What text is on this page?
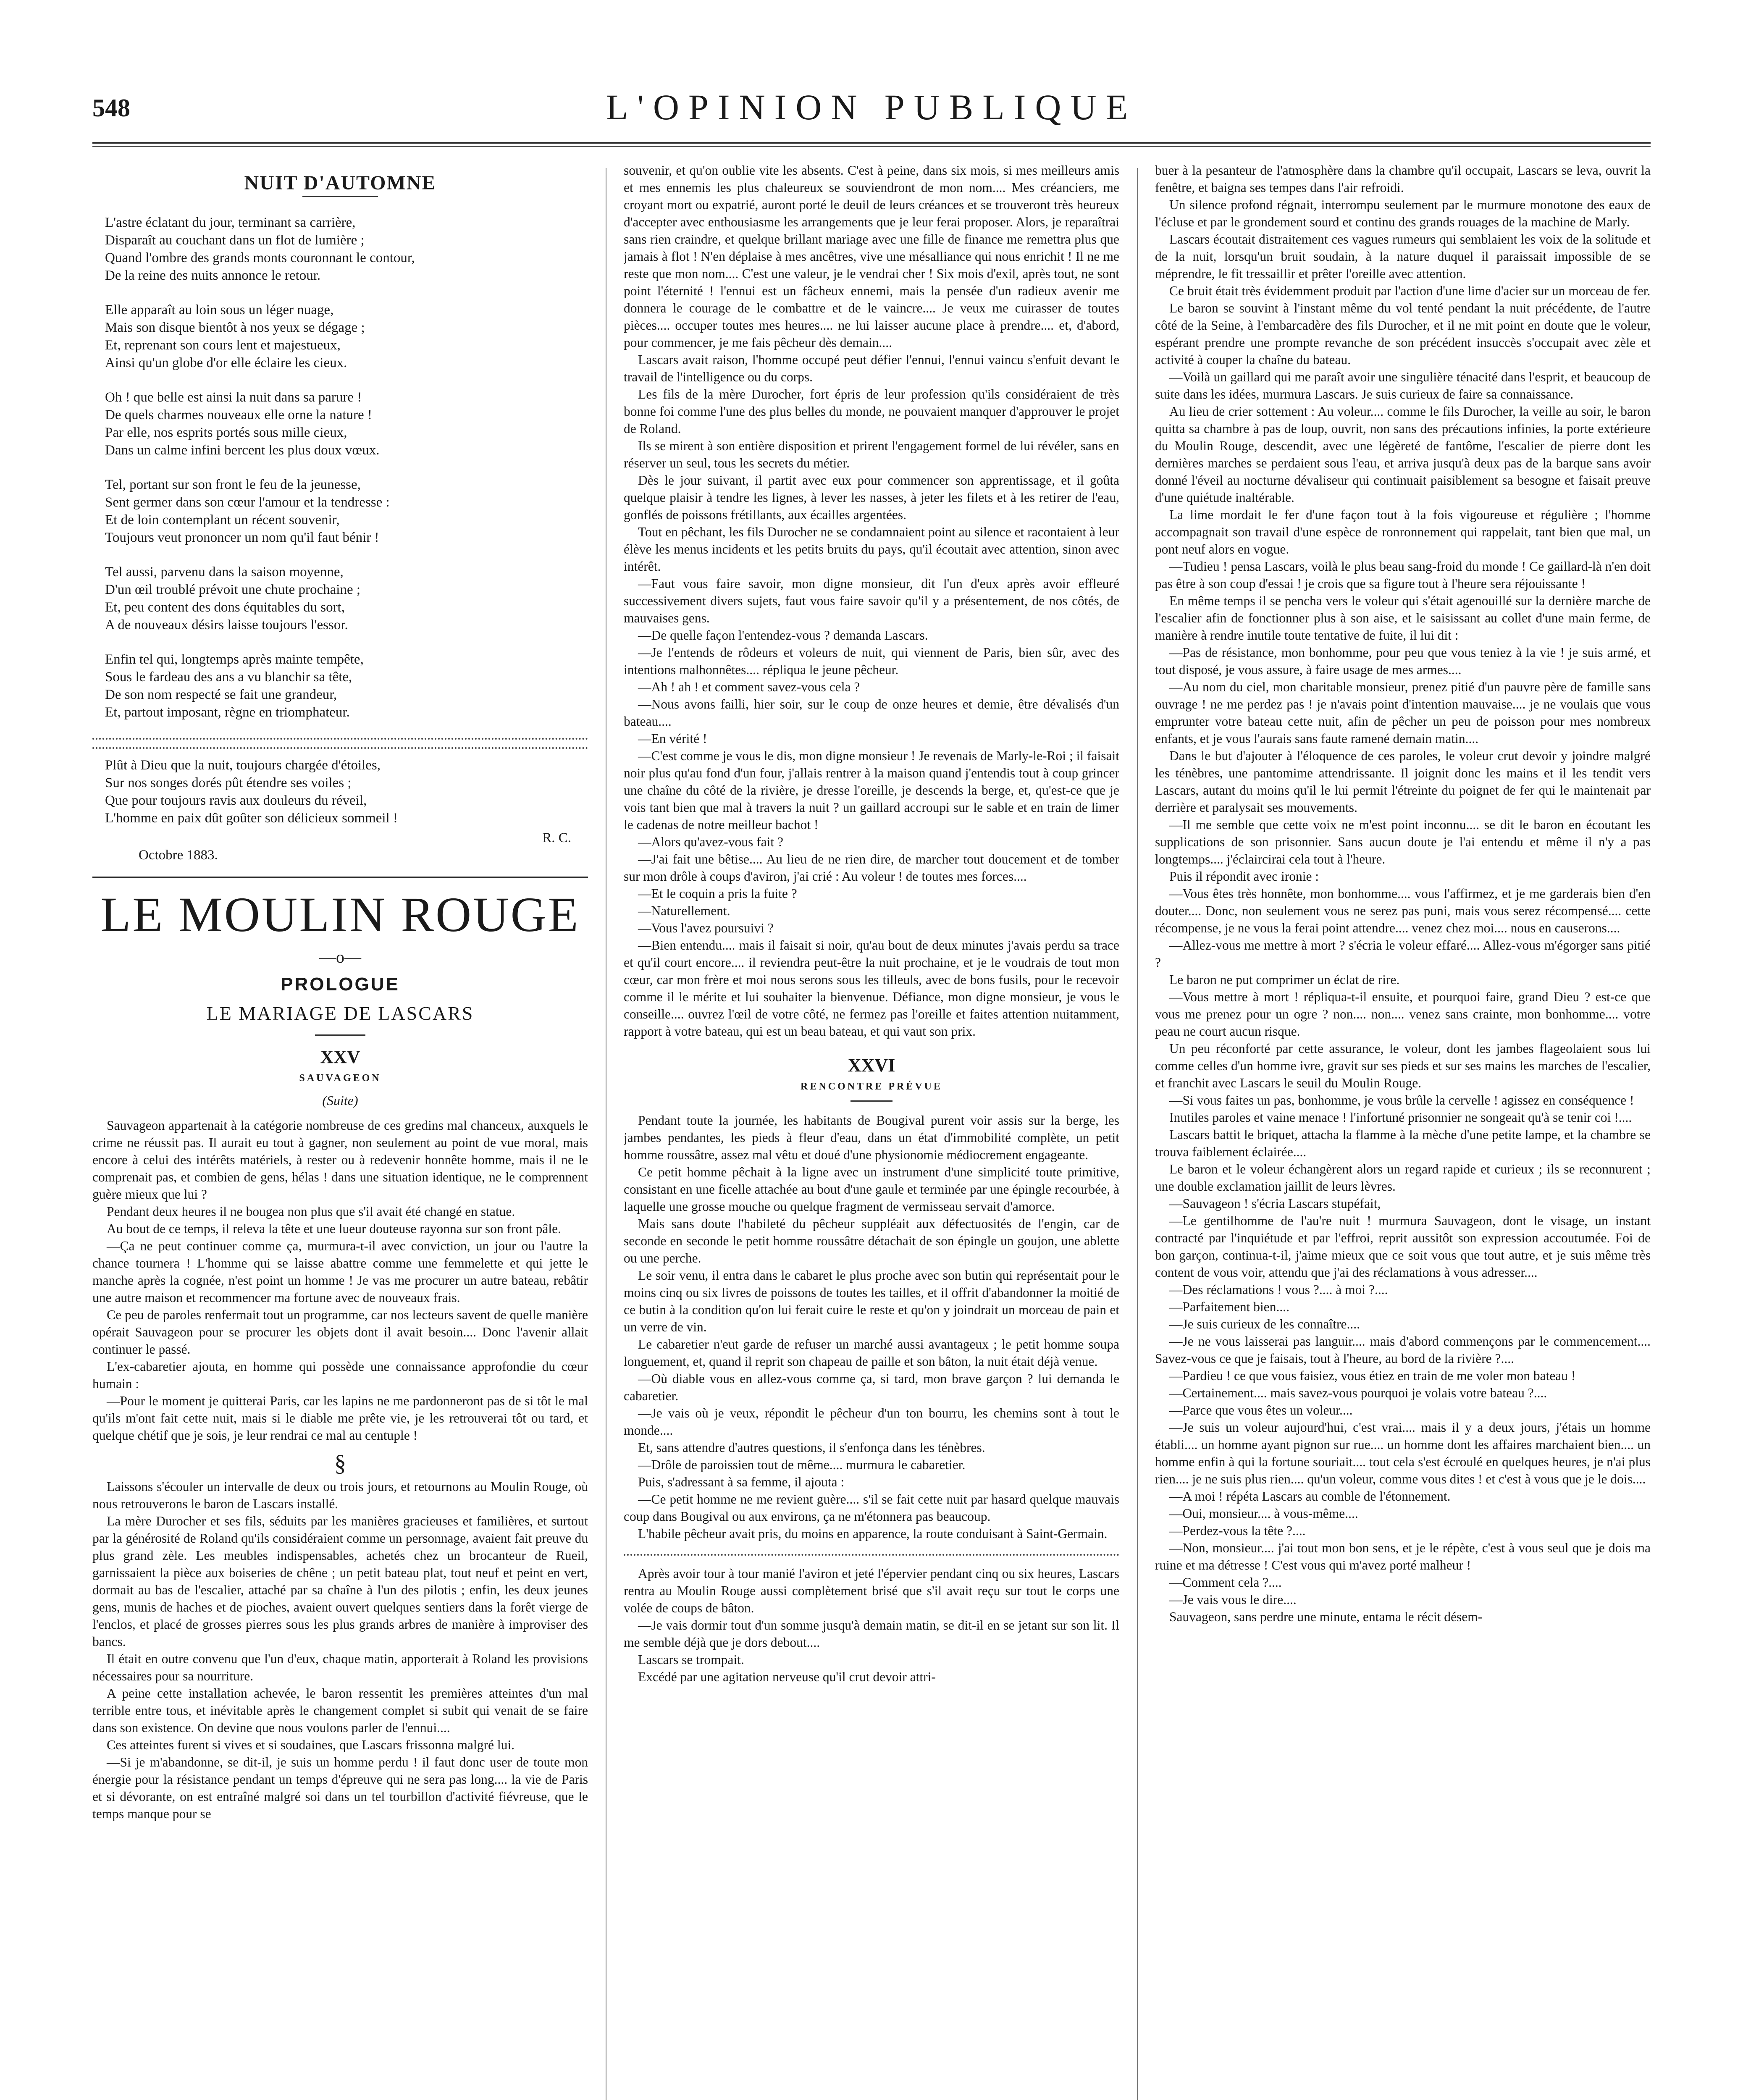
548	L'OPINION PUBLIQUE
NUIT D'AUTOMNE
L'astre éclatant du jour, terminant sa carrière,
Disparaît au couchant dans un flot de lumière ;
Quand l'ombre des grands monts couronnant le contour,
De la reine des nuits annonce le retour.
Elle apparaît au loin sous un léger nuage,
Mais son disque bientôt à nos yeux se dégage ;
Et, reprenant son cours lent et majestueux,
Ainsi qu'un globe d'or elle éclaire les cieux.
Oh ! que belle est ainsi la nuit dans sa parure !
De quels charmes nouveaux elle orne la nature !
Par elle, nos esprits portés sous mille cieux,
Dans un calme infini bercent les plus doux vœux.
Tel, portant sur son front le feu de la jeunesse,
Sent germer dans son cœur l'amour et la tendresse :
Et de loin contemplant un récent souvenir,
Toujours veut prononcer un nom qu'il faut bénir !
Tel aussi, parvenu dans la saison moyenne,
D'un œil troublé prévoit une chute prochaine ;
Et, peu content des dons équitables du sort,
A de nouveaux désirs laisse toujours l'essor.
Enfin tel qui, longtemps après mainte tempête,
Sous le fardeau des ans a vu blanchir sa tête,
De son nom respecté se fait une grandeur,
Et, partout imposant, règne en triomphateur.
Plût à Dieu que la nuit, toujours chargée d'étoiles,
Sur nos songes dorés pût étendre ses voiles ;
Que pour toujours ravis aux douleurs du réveil,
L'homme en paix dût goûter son délicieux sommeil !
R. C.
Octobre 1883.
LE MOULIN ROUGE
—o—
PROLOGUE
LE MARIAGE DE LASCARS
XXV
SAUVAGEON
(Suite)

Sauvageon appartenait à la catégorie nombreuse de ces gredins mal chanceux, auxquels le crime ne réussit pas. Il aurait eu tout à gagner, non seulement au point de vue moral, mais encore à celui des intérêts matériels, à rester ou à redevenir honnête homme, mais il ne le comprenait pas, et combien de gens, hélas ! dans une situation identique, ne le comprennent guère mieux que lui ?

Pendant deux heures il ne bougea non plus que s'il avait été changé en statue.

Au bout de ce temps, il releva la tête et une lueur douteuse rayonna sur son front pâle.

—Ça ne peut continuer comme ça, murmura-t-il avec conviction, un jour ou l'autre la chance tournera ! L'homme qui se laisse abattre comme une femmelette et qui jette le manche après la cognée, n'est point un homme ! Je vas me procurer un autre bateau, rebâtir une autre maison et recommencer ma fortune avec de nouveaux frais.

Ce peu de paroles renfermait tout un programme, car nos lecteurs savent de quelle manière opérait Sauvageon pour se procurer les objets dont il avait besoin.... Donc l'avenir allait continuer le passé.

L'ex-cabaretier ajouta, en homme qui possède une connaissance approfondie du cœur humain :

—Pour le moment je quitterai Paris, car les lapins ne me pardonneront pas de si tôt le mal qu'ils m'ont fait cette nuit, mais si le diable me prête vie, je les retrouverai tôt ou tard, et quelque chétif que je sois, je leur rendrai ce mal au centuple !

§

Laissons s'écouler un intervalle de deux ou trois jours, et retournons au Moulin Rouge, où nous retrouverons le baron de Lascars installé.

La mère Durocher et ses fils, séduits par les manières gracieuses et familières, et surtout par la générosité de Roland qu'ils considéraient comme un personnage, avaient fait preuve du plus grand zèle. Les meubles indispensables, achetés chez un brocanteur de Rueil, garnissaient la pièce aux boiseries de chêne ; un petit bateau plat, tout neuf et peint en vert, dormait au bas de l'escalier, attaché par sa chaîne à l'un des pilotis ; enfin, les deux jeunes gens, munis de haches et de pioches, avaient ouvert quelques sentiers dans la forêt vierge de l'enclos, et placé de grosses pierres sous les plus grands arbres de manière à improviser des bancs.

Il était en outre convenu que l'un d'eux, chaque matin, apporterait à Roland les provisions nécessaires pour sa nourriture.

A peine cette installation achevée, le baron ressentit les premières atteintes d'un mal terrible entre tous, et inévitable après le changement complet si subit qui venait de se faire dans son existence. On devine que nous voulons parler de l'ennui....

Ces atteintes furent si vives et si soudaines, que Lascars frissonna malgré lui.

—Si je m'abandonne, se dit-il, je suis un homme perdu ! il faut donc user de toute mon énergie pour la résistance pendant un temps d'épreuve qui ne sera pas long.... la vie de Paris et si dévorante, on est entraîné malgré soi dans un tel tourbillon d'activité fiévreuse, que le temps manque pour se

souvenir, et qu'on oublie vite les absents. C'est à peine, dans six mois, si mes meilleurs amis et mes ennemis les plus chaleureux se souviendront de mon nom.... Mes créanciers, me croyant mort ou expatrié, auront porté le deuil de leurs créances et se trouveront très heureux d'accepter avec enthousiasme les arrangements que je leur ferai proposer. Alors, je reparaîtrai sans rien craindre, et quelque brillant mariage avec une fille de finance me remettra plus que jamais à flot ! N'en déplaise à mes ancêtres, vive une mésalliance qui nous enrichit ! Il ne me reste que mon nom.... C'est une valeur, je le vendrai cher ! Six mois d'exil, après tout, ne sont point l'éternité ! l'ennui est un fâcheux ennemi, mais la pensée d'un radieux avenir me donnera le courage de le combattre et de le vaincre.... Je veux me cuirasser de toutes pièces.... occuper toutes mes heures.... ne lui laisser aucune place à prendre.... et, d'abord, pour commencer, je me fais pêcheur dès demain....

Lascars avait raison, l'homme occupé peut défier l'ennui, l'ennui vaincu s'enfuit devant le travail de l'intelligence ou du corps.

Les fils de la mère Durocher, fort épris de leur profession qu'ils considéraient de très bonne foi comme l'une des plus belles du monde, ne pouvaient manquer d'approuver le projet de Roland.

Ils se mirent à son entière disposition et prirent l'engagement formel de lui révéler, sans en réserver un seul, tous les secrets du métier.

Dès le jour suivant, il partit avec eux pour commencer son apprentissage, et il goûta quelque plaisir à tendre les lignes, à lever les nasses, à jeter les filets et à les retirer de l'eau, gonflés de poissons frétillants, aux écailles argentées.

Tout en pêchant, les fils Durocher ne se condamnaient point au silence et racontaient à leur élève les menus incidents et les petits bruits du pays, qu'il écoutait avec attention, sinon avec intérêt.

—Faut vous faire savoir, mon digne monsieur, dit l'un d'eux après avoir effleuré successivement divers sujets, faut vous faire savoir qu'il y a présentement, de nos côtés, de mauvaises gens.

—De quelle façon l'entendez-vous ? demanda Lascars.

—Je l'entends de rôdeurs et voleurs de nuit, qui viennent de Paris, bien sûr, avec des intentions malhonnêtes.... répliqua le jeune pêcheur.

—Ah ! ah ! et comment savez-vous cela ?

—Nous avons failli, hier soir, sur le coup de onze heures et demie, être dévalisés d'un bateau....

—En vérité !

—C'est comme je vous le dis, mon digne monsieur ! Je revenais de Marly-le-Roi ; il faisait noir plus qu'au fond d'un four, j'allais rentrer à la maison quand j'entendis tout à coup grincer une chaîne du côté de la rivière, je dresse l'oreille, je descends la berge, et, qu'est-ce que je vois tant bien que mal à travers la nuit ? un gaillard accroupi sur le sable et en train de limer le cadenas de notre meilleur bachot !

—Alors qu'avez-vous fait ?

—J'ai fait une bêtise.... Au lieu de ne rien dire, de marcher tout doucement et de tomber sur mon drôle à coups d'aviron, j'ai crié : Au voleur ! de toutes mes forces....

—Et le coquin a pris la fuite ?

—Naturellement.

—Vous l'avez poursuivi ?

—Bien entendu.... mais il faisait si noir, qu'au bout de deux minutes j'avais perdu sa trace et qu'il court encore.... il reviendra peut-être la nuit prochaine, et je le voudrais de tout mon cœur, car mon frère et moi nous serons sous les tilleuls, avec de bons fusils, pour le recevoir comme il le mérite et lui souhaiter la bienvenue. Défiance, mon digne monsieur, je vous le conseille.... ouvrez l'œil de votre côté, ne fermez pas l'oreille et faites attention nuitamment, rapport à votre bateau, qui est un beau bateau, et qui vaut son prix.

XXVI
RENCONTRE PRÉVUE

Pendant toute la journée, les habitants de Bougival purent voir assis sur la berge, les jambes pendantes, les pieds à fleur d'eau, dans un état d'immobilité complète, un petit homme roussâtre, assez mal vêtu et doué d'une physionomie médiocrement engageante.

Ce petit homme pêchait à la ligne avec un instrument d'une simplicité toute primitive, consistant en une ficelle attachée au bout d'une gaule et terminée par une épingle recourbée, à laquelle une grosse mouche ou quelque fragment de vermisseau servait d'amorce.

Mais sans doute l'habileté du pêcheur suppléait aux défectuosités de l'engin, car de seconde en seconde le petit homme roussâtre détachait de son épingle un goujon, une ablette ou une perche.

Le soir venu, il entra dans le cabaret le plus proche avec son butin qui représentait pour le moins cinq ou six livres de poissons de toutes les tailles, et il offrit d'abandonner la moitié de ce butin à la condition qu'on lui ferait cuire le reste et qu'on y joindrait un morceau de pain et un verre de vin.

Le cabaretier n'eut garde de refuser un marché aussi avantageux ; le petit homme soupa longuement, et, quand il reprit son chapeau de paille et son bâton, la nuit était déjà venue.

—Où diable vous en allez-vous comme ça, si tard, mon brave garçon ? lui demanda le cabaretier.

—Je vais où je veux, répondit le pêcheur d'un ton bourru, les chemins sont à tout le monde....

Et, sans attendre d'autres questions, il s'enfonça dans les ténèbres.

—Drôle de paroissien tout de même.... murmura le cabaretier.

Puis, s'adressant à sa femme, il ajouta :

—Ce petit homme ne me revient guère.... s'il se fait cette nuit par hasard quelque mauvais coup dans Bougival ou aux environs, ça ne m'étonnera pas beaucoup.

L'habile pêcheur avait pris, du moins en apparence, la route conduisant à Saint-Germain.

Après avoir tour à tour manié l'aviron et jeté l'épervier pendant cinq ou six heures, Lascars rentra au Moulin Rouge aussi complètement brisé que s'il avait reçu sur tout le corps une volée de coups de bâton.

—Je vais dormir tout d'un somme jusqu'à demain matin, se dit-il en se jetant sur son lit. Il me semble déjà que je dors debout....

Lascars se trompait.

Excédé par une agitation nerveuse qu'il crut devoir attri-

buer à la pesanteur de l'atmosphère dans la chambre qu'il occupait, Lascars se leva, ouvrit la fenêtre, et baigna ses tempes dans l'air refroidi.

Un silence profond régnait, interrompu seulement par le murmure monotone des eaux de l'écluse et par le grondement sourd et continu des grands rouages de la machine de Marly.

Lascars écoutait distraitement ces vagues rumeurs qui semblaient les voix de la solitude et de la nuit, lorsqu'un bruit soudain, à la nature duquel il paraissait impossible de se méprendre, le fit tressaillir et prêter l'oreille avec attention.

Ce bruit était très évidemment produit par l'action d'une lime d'acier sur un morceau de fer.

Le baron se souvint à l'instant même du vol tenté pendant la nuit précédente, de l'autre côté de la Seine, à l'embarcadère des fils Durocher, et il ne mit point en doute que le voleur, espérant prendre une prompte revanche de son précédent insuccès s'occupait avec zèle et activité à couper la chaîne du bateau.

—Voilà un gaillard qui me paraît avoir une singulière ténacité dans l'esprit, et beaucoup de suite dans les idées, murmura Lascars. Je suis curieux de faire sa connaissance.

Au lieu de crier sottement : Au voleur.... comme le fils Durocher, la veille au soir, le baron quitta sa chambre à pas de loup, ouvrit, non sans des précautions infinies, la porte extérieure du Moulin Rouge, descendit, avec une légèreté de fantôme, l'escalier de pierre dont les dernières marches se perdaient sous l'eau, et arriva jusqu'à deux pas de la barque sans avoir donné l'éveil au nocturne dévaliseur qui continuait paisiblement sa besogne et faisait preuve d'une quiétude inaltérable.

La lime mordait le fer d'une façon tout à la fois vigoureuse et régulière ; l'homme accompagnait son travail d'une espèce de ronronnement qui rappelait, tant bien que mal, un pont neuf alors en vogue.

—Tudieu ! pensa Lascars, voilà le plus beau sang-froid du monde ! Ce gaillard-là n'en doit pas être à son coup d'essai ! je crois que sa figure tout à l'heure sera réjouissante !

En même temps il se pencha vers le voleur qui s'était agenouillé sur la dernière marche de l'escalier afin de fonctionner plus à son aise, et le saisissant au collet d'une main ferme, de manière à rendre inutile toute tentative de fuite, il lui dit :

—Pas de résistance, mon bonhomme, pour peu que vous teniez à la vie ! je suis armé, et tout disposé, je vous assure, à faire usage de mes armes....

—Au nom du ciel, mon charitable monsieur, prenez pitié d'un pauvre père de famille sans ouvrage ! ne me perdez pas ! je n'avais point d'intention mauvaise.... je ne voulais que vous emprunter votre bateau cette nuit, afin de pêcher un peu de poisson pour mes nombreux enfants, et je vous l'aurais sans faute ramené demain matin....

Dans le but d'ajouter à l'éloquence de ces paroles, le voleur crut devoir y joindre malgré les ténèbres, une pantomime attendrissante. Il joignit donc les mains et il les tendit vers Lascars, autant du moins qu'il le lui permit l'étreinte du poignet de fer qui le maintenait par derrière et paralysait ses mouvements.

—Il me semble que cette voix ne m'est point inconnu.... se dit le baron en écoutant les supplications de son prisonnier. Sans aucun doute je l'ai entendu et même il n'y a pas longtemps.... j'éclaircirai cela tout à l'heure.

Puis il répondit avec ironie :

—Vous êtes très honnête, mon bonhomme.... vous l'affirmez, et je me garderais bien d'en douter.... Donc, non seulement vous ne serez pas puni, mais vous serez récompensé.... cette récompense, je ne vous la ferai point attendre.... venez chez moi.... nous en causerons....

—Allez-vous me mettre à mort ? s'écria le voleur effaré.... Allez-vous m'égorger sans pitié ?

Le baron ne put comprimer un éclat de rire.

—Vous mettre à mort ! répliqua-t-il ensuite, et pourquoi faire, grand Dieu ? est-ce que vous me prenez pour un ogre ? non.... non.... venez sans crainte, mon bonhomme.... votre peau ne court aucun risque.

Un peu réconforté par cette assurance, le voleur, dont les jambes flageolaient sous lui comme celles d'un homme ivre, gravit sur ses pieds et sur ses mains les marches de l'escalier, et franchit avec Lascars le seuil du Moulin Rouge.

—Si vous faites un pas, bonhomme, je vous brûle la cervelle ! agissez en conséquence !

Inutiles paroles et vaine menace ! l'infortuné prisonnier ne songeait qu'à se tenir coi !....

Lascars battit le briquet, attacha la flamme à la mèche d'une petite lampe, et la chambre se trouva faiblement éclairée....

Le baron et le voleur échangèrent alors un regard rapide et curieux ; ils se reconnurent ; une double exclamation jaillit de leurs lèvres.

—Sauvageon ! s'écria Lascars stupéfait,

—Le gentilhomme de l'au're nuit ! murmura Sauvageon, dont le visage, un instant contracté par l'inquiétude et par l'effroi, reprit aussitôt son expression accoutumée. Foi de bon garçon, continua-t-il, j'aime mieux que ce soit vous que tout autre, et je suis même très content de vous voir, attendu que j'ai des réclamations à vous adresser....

—Des réclamations ! vous ?.... à moi ?....

—Parfaitement bien....

—Je suis curieux de les connaître....

—Je ne vous laisserai pas languir.... mais d'abord commençons par le commencement.... Savez-vous ce que je faisais, tout à l'heure, au bord de la rivière ?....

—Pardieu ! ce que vous faisiez, vous étiez en train de me voler mon bateau !

—Certainement.... mais savez-vous pourquoi je volais votre bateau ?....

—Parce que vous êtes un voleur....

—Je suis un voleur aujourd'hui, c'est vrai.... mais il y a deux jours, j'étais un homme établi.... un homme ayant pignon sur rue.... un homme dont les affaires marchaient bien.... un homme enfin à qui la fortune souriait.... tout cela s'est écroulé en quelques heures, je n'ai plus rien.... je ne suis plus rien.... qu'un voleur, comme vous dites ! et c'est à vous que je le dois....

—A moi ! répéta Lascars au comble de l'étonnement.

—Oui, monsieur.... à vous-même....

—Perdez-vous la tête ?....

—Non, monsieur.... j'ai tout mon bon sens, et je le répète, c'est à vous seul que je dois ma ruine et ma détresse ! C'est vous qui m'avez porté malheur !

—Comment cela ?....

—Je vais vous le dire....

Sauvageon, sans perdre une minute, entama le récit désem-
